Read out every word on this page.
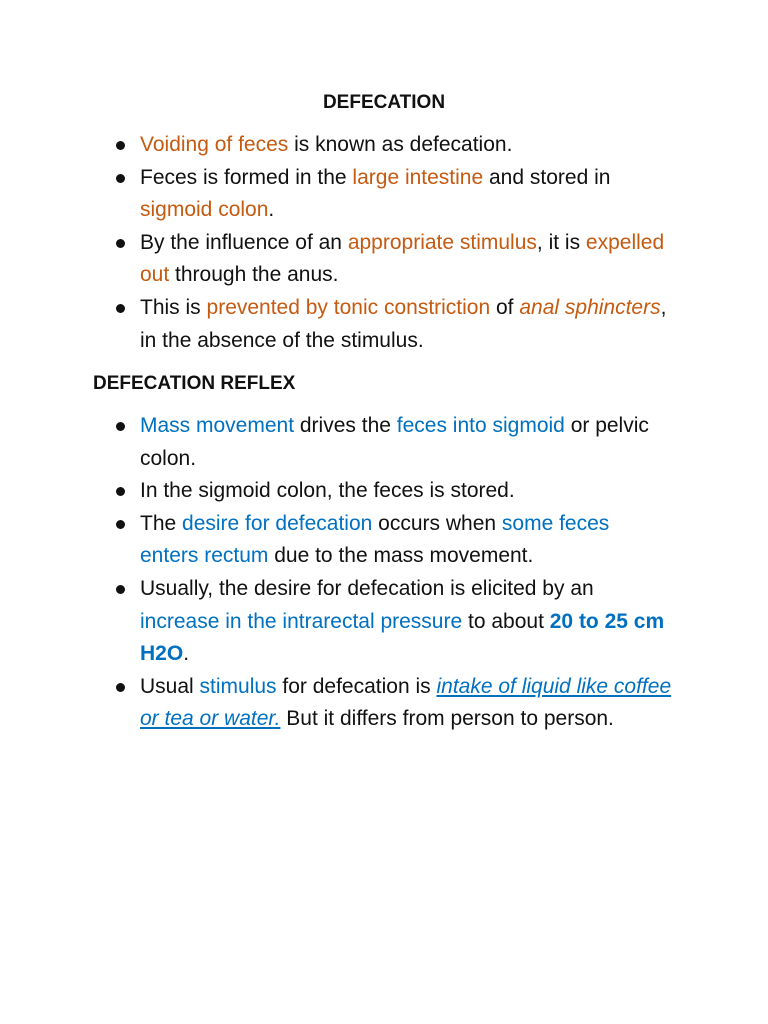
DEFECATION
Voiding of feces is known as defecation.
Feces is formed in the large intestine and stored in sigmoid colon.
By the influence of an appropriate stimulus, it is expelled out through the anus.
This is prevented by tonic constriction of anal sphincters, in the absence of the stimulus.
DEFECATION REFLEX
Mass movement drives the feces into sigmoid or pelvic colon.
In the sigmoid colon, the feces is stored.
The desire for defecation occurs when some feces enters rectum due to the mass movement.
Usually, the desire for defecation is elicited by an increase in the intrarectal pressure to about 20 to 25 cm H2O.
Usual stimulus for defecation is intake of liquid like coffee or tea or water. But it differs from person to person.
